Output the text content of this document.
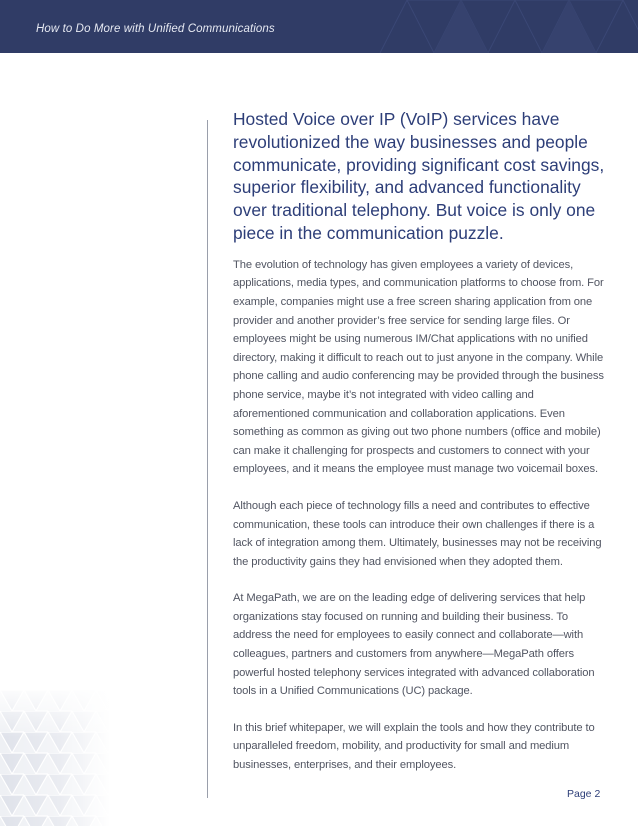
How to Do More with Unified Communications

Hosted Voice over IP (VoIP) services have revolutionized the way businesses and people communicate, providing significant cost savings, superior flexibility, and advanced functionality over traditional telephony. But voice is only one piece in the communication puzzle.

The evolution of technology has given employees a variety of devices, applications, media types, and communication platforms to choose from. For example, companies might use a free screen sharing application from one provider and another provider’s free service for sending large files. Or employees might be using numerous IM/Chat applications with no unified directory, making it difficult to reach out to just anyone in the company. While phone calling and audio conferencing may be provided through the business phone service, maybe it’s not integrated with video calling and aforementioned communication and collaboration applications. Even something as common as giving out two phone numbers (office and mobile) can make it challenging for prospects and customers to connect with your employees, and it means the employee must manage two voicemail boxes.

Although each piece of technology fills a need and contributes to effective communication, these tools can introduce their own challenges if there is a lack of integration among them. Ultimately, businesses may not be receiving the productivity gains they had envisioned when they adopted them.

At MegaPath, we are on the leading edge of delivering services that help organizations stay focused on running and building their business. To address the need for employees to easily connect and collaborate—with colleagues, partners and customers from anywhere—MegaPath offers powerful hosted telephony services integrated with advanced collaboration tools in a Unified Communications (UC) package.

In this brief whitepaper, we will explain the tools and how they contribute to unparalleled freedom, mobility, and productivity for small and medium businesses, enterprises, and their employees.

Page 2
